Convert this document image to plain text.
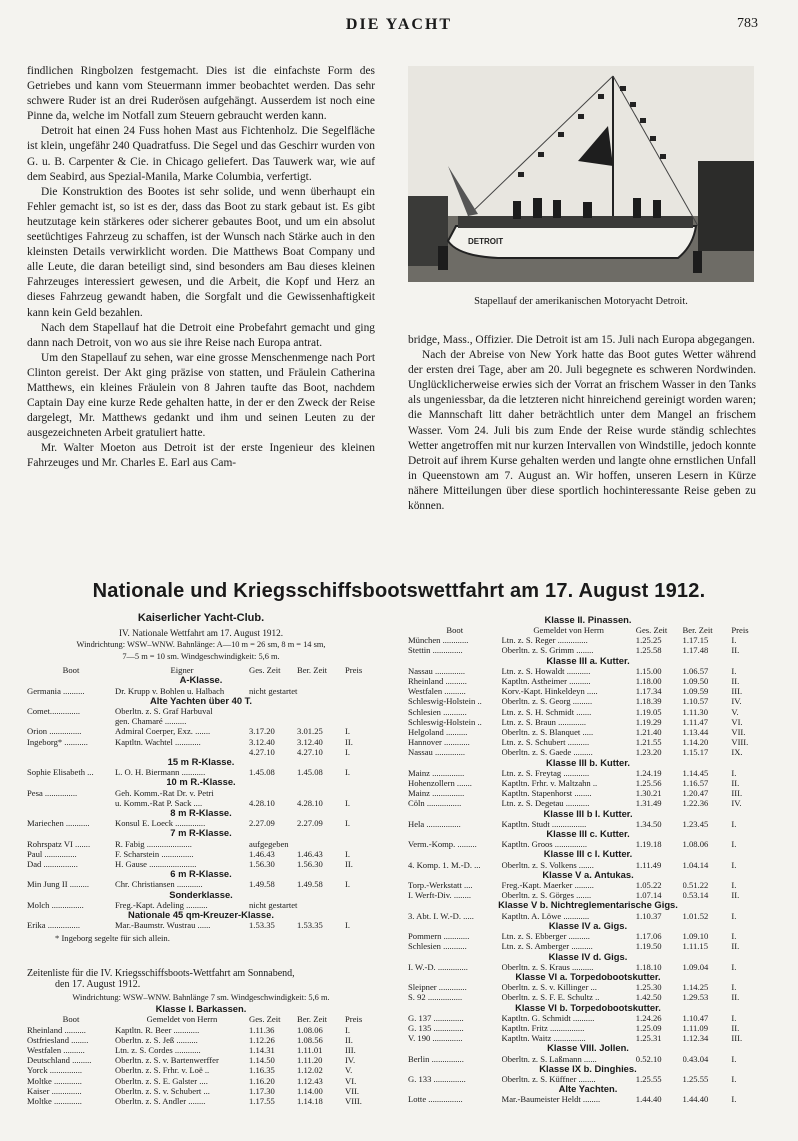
DIE YACHT	783

findlichen Ringbolzen festgemacht. Dies ist die einfachste Form des Getriebes und kann vom Steuermann immer beobachtet werden. Das sehr schwere Ruder ist an drei Ruderösen aufgehängt. Ausserdem ist noch eine Pinne da, welche im Notfall zum Steuern gebraucht werden kann.

Detroit hat einen 24 Fuss hohen Mast aus Fichtenholz. Die Segelfläche ist klein, ungefähr 240 Quadratfuss. Die Segel und das Geschirr wurden von G. u. B. Carpenter & Cie. in Chicago geliefert. Das Tauwerk war, wie auf dem Seabird, aus Spezial-Manila, Marke Columbia, verfertigt.

Die Konstruktion des Bootes ist sehr solide, und wenn überhaupt ein Fehler gemacht ist, so ist es der, dass das Boot zu stark gebaut ist. Es gibt heutzutage kein stärkeres oder sicherer gebautes Boot, und um ein absolut seetüchtiges Fahrzeug zu schaffen, ist der Wunsch nach Stärke auch in den kleinsten Details verwirklicht worden. Die Matthews Boat Company und alle Leute, die daran beteiligt sind, sind besonders am Bau dieses kleinen Fahrzeuges interessiert gewesen, und die Arbeit, die Kopf und Herz an dieses Fahrzeug gewandt haben, die Sorgfalt und die Gewissenhaftigkeit kann kein Geld bezahlen.

Nach dem Stapellauf hat die Detroit eine Probefahrt gemacht und ging dann nach Detroit, von wo aus sie ihre Reise nach Europa antrat.

Um den Stapellauf zu sehen, war eine grosse Menschenmenge nach Port Clinton gereist. Der Akt ging präzise von statten, und Fräulein Catherina Matthews, ein kleines Fräulein von 8 Jahren taufte das Boot, nachdem Captain Day eine kurze Rede gehalten hatte, in der er den Zweck der Reise dargelegt, Mr. Matthews gedankt und ihm und seinen Leuten zu der ausgezeichneten Arbeit gratuliert hatte.

Mr. Walter Moeton aus Detroit ist der erste Ingenieur des kleinen Fahrzeuges und Mr. Charles E. Earl aus Cam-

DETROIT
Stapellauf der amerikanischen Motoryacht Detroit.

bridge, Mass., Offizier. Die Detroit ist am 15. Juli nach Europa abgegangen.

Nach der Abreise von New York hatte das Boot gutes Wetter während der ersten drei Tage, aber am 20. Juli begegnete es schweren Nordwinden. Unglücklicherweise erwies sich der Vorrat an frischem Wasser in den Tanks als ungeniessbar, da die letzteren nicht hinreichend gereinigt worden waren; die Mannschaft litt daher beträchtlich unter dem Mangel an frischem Wasser. Vom 24. Juli bis zum Ende der Reise wurde ständig schlechtes Wetter angetroffen mit nur kurzen Intervallen von Windstille, jedoch konnte Detroit auf ihrem Kurse gehalten werden und langte ohne ernstlichen Unfall in Queenstown am 7. August an. Wir hoffen, unseren Lesern in Kürze nähere Mitteilungen über diese sportlich hochinteressante Reise geben zu können.

Nationale und Kriegsschiffsbootswettfahrt am 17. August 1912.
Kaiserlicher Yacht-Club.
IV. Nationale Wettfahrt am 17. August 1912.
Windrichtung: WSW–WNW. Bahnlänge: A—10 m = 26 sm, 8 m = 14 sm,
7—5 m = 10 sm. Windgeschwindigkeit: 5,6 m.
Boot	Eigner	Ges. Zeit	Ber. Zeit	Preis
A-Klasse.				
Germania ..........	Dr. Krupp v. Bohlen u. Halbach	nicht gestartet		
Alte Yachten über 40 T.				
Comet..............	Oberltn. z. S. Graf Harbuval			
	gen. Chamaré ..........			
Orion ...............	Admiral Coerper, Exz. .......	3.17.20	3.01.25	I.
Ingeborg* ...........	Kaptltn. Wachtel ............	3.12.40	3.12.40	II.
		4.27.10	4.27.10	I.
15 m R-Klasse.				
Sophie Elisabeth ...	L. O. H. Biermann ...........	1.45.08	1.45.08	I.
10 m R.-Klasse.				
Pesa ...............	Geh. Komm.-Rat Dr. v. Petri			
	u. Komm.-Rat P. Sack ....	4.28.10	4.28.10	I.
8 m R-Klasse.				
Mariechen ...........	Konsul E. Loeck ..............	2.27.09	2.27.09	I.
7 m R-Klasse.				
Rohrspatz VI .......	R. Fabig .....................	aufgegeben		
Paul ...............	F. Scharstein ...............	1.46.43	1.46.43	I.
Dad ................	H. Gause ......................	1.56.30	1.56.30	II.
6 m R-Klasse.				
Min Jung II .........	Chr. Christiansen ............	1.49.58	1.49.58	I.
Sonderklasse.				
Molch ...............	Freg.-Kapt. Adeling ..........	nicht gestartet		
Nationale 45 qm-Kreuzer-Klasse.				
Erika ...............	Mar.-Baumstr. Wustrau ......	1.53.35	1.53.35	I.
* Ingeborg segelte für sich allein.
Zeitenliste für die IV. Kriegsschiffsboots-Wettfahrt am Sonnabend,
den 17. August 1912.
Windrichtung: WSW–WNW. Bahnlänge 7 sm. Windgeschwindigkeit: 5,6 m.
Klasse I. Barkassen.
Boot	Gemeldet von Herrn	Ges. Zeit	Ber. Zeit	Preis
Rheinland ..........	Kaptltn. R. Beer ............	1.11.36	1.08.06	I.
Ostfriesland ........	Oberltn. z. S. Jeß ..........	1.12.26	1.08.56	II.
Westfalen ..........	Ltn. z. S. Cordes ............	1.14.31	1.11.01	III.
Deutschland .........	Oberltn. z. S. v. Bartenwerffer	1.14.50	1.11.20	IV.
Yorck ...............	Oberltn. z. S. Frhr. v. Loë ..	1.16.35	1.12.02	V.
Moltke .............	Oberltn. z. S. E. Galster ....	1.16.20	1.12.43	VI.
Kaiser ..............	Oberltn. z. S. v. Schubert ...	1.17.30	1.14.00	VII.
Moltke .............	Oberltn. z. S. Andler ........	1.17.55	1.14.18	VIII.
Klasse II. Pinassen.
Boot	Gemeldet von Herrn	Ges. Zeit	Ber. Zeit	Preis
München ............	Ltn. z. S. Reger ..............	1.25.25	1.17.15	I.
Stettin ..............	Oberltn. z. S. Grimm ........	1.25.58	1.17.48	II.
Klasse III a. Kutter.				
Nassau ..............	Ltn. z. S. Howaldt ...........	1.15.00	1.06.57	I.
Rheinland ..........	Kaptltn. Astheimer ..........	1.18.00	1.09.50	II.
Westfalen ..........	Korv.-Kapt. Hinkeldeyn .....	1.17.34	1.09.59	III.
Schleswig-Holstein ..	Oberltn. z. S. Georg .........	1.18.39	1.10.57	IV.
Schlesien ...........	Ltn. z. S. H. Schmidt .......	1.19.05	1.11.30	V.
Schleswig-Holstein ..	Ltn. z. S. Braun .............	1.19.29	1.11.47	VI.
Helgoland ..........	Oberltn. z. S. Blanquet .....	1.21.40	1.13.44	VII.
Hannover ............	Ltn. z. S. Schubert ..........	1.21.55	1.14.20	VIII.
Nassau ..............	Oberltn. z. S. Gaede .........	1.23.20	1.15.17	IX.
Klasse III b. Kutter.				
Mainz ...............	Ltn. z. S. Freytag ............	1.24.19	1.14.45	I.
Hohenzollern .......	Kaptltn. Frhr. v. Maltzahn ..	1.25.56	1.16.57	II.
Mainz ...............	Kaptltn. Stapenhorst ........	1.30.21	1.20.47	III.
Cöln ................	Ltn. z. S. Degetau ...........	1.31.49	1.22.36	IV.
Klasse III b I. Kutter.				
Hela ................	Kaptltn. Studt ................	1.34.50	1.23.45	I.
Klasse III c. Kutter.				
Verm.-Komp. .........	Kaptltn. Groos ...............	1.19.18	1.08.06	I.
Klasse III c I. Kutter.				
4. Komp. 1. M.-D. ...	Oberltn. z. S. Volkens .......	1.11.49	1.04.14	I.
Klasse V a. Antukas.				
Torp.-Werkstatt ....	Freg.-Kapt. Maerker .........	1.05.22	0.51.22	I.
I. Werft-Div. ........	Oberltn. z. S. Görges .......	1.07.14	0.53.14	II.
Klasse V b. Nichtreglementarische Gigs.				
3. Abt. I. W.-D. .....	Kaptltn. A. Löwe ............	1.10.37	1.01.52	I.
Klasse IV a. Gigs.				
Pommern ............	Ltn. z. S. Ebberger ..........	1.17.06	1.09.10	I.
Schlesien ...........	Ltn. z. S. Amberger ..........	1.19.50	1.11.15	II.
Klasse IV d. Gigs.				
I. W.-D. ..............	Oberltn. z. S. Kraus ..........	1.18.10	1.09.04	I.
Klasse VI a. Torpedobootskutter.				
Sleipner .............	Oberltn. z. S. v. Killinger ...	1.25.30	1.14.25	I.
S. 92 ................	Oberltn. z. S. F. E. Schultz ..	1.42.50	1.29.53	II.
Klasse VI b. Torpedobootskutter.				
G. 137 ..............	Kaptltn. G. Schmidt ..........	1.24.26	1.10.47	I.
G. 135 ..............	Kaptltn. Fritz ................	1.25.09	1.11.09	II.
V. 190 ..............	Kaptltn. Waitz ...............	1.25.31	1.12.34	III.
Klasse VIII. Jollen.				
Berlin ...............	Oberltn. z. S. Laßmann ......	0.52.10	0.43.04	I.
Klasse IX b. Dinghies.				
G. 133 ...............	Oberltn. z. S. Küffner ........	1.25.55	1.25.55	I.
Alte Yachten.				
Lotte ................	Mar.-Baumeister Heldt ........	1.44.40	1.44.40	I.
